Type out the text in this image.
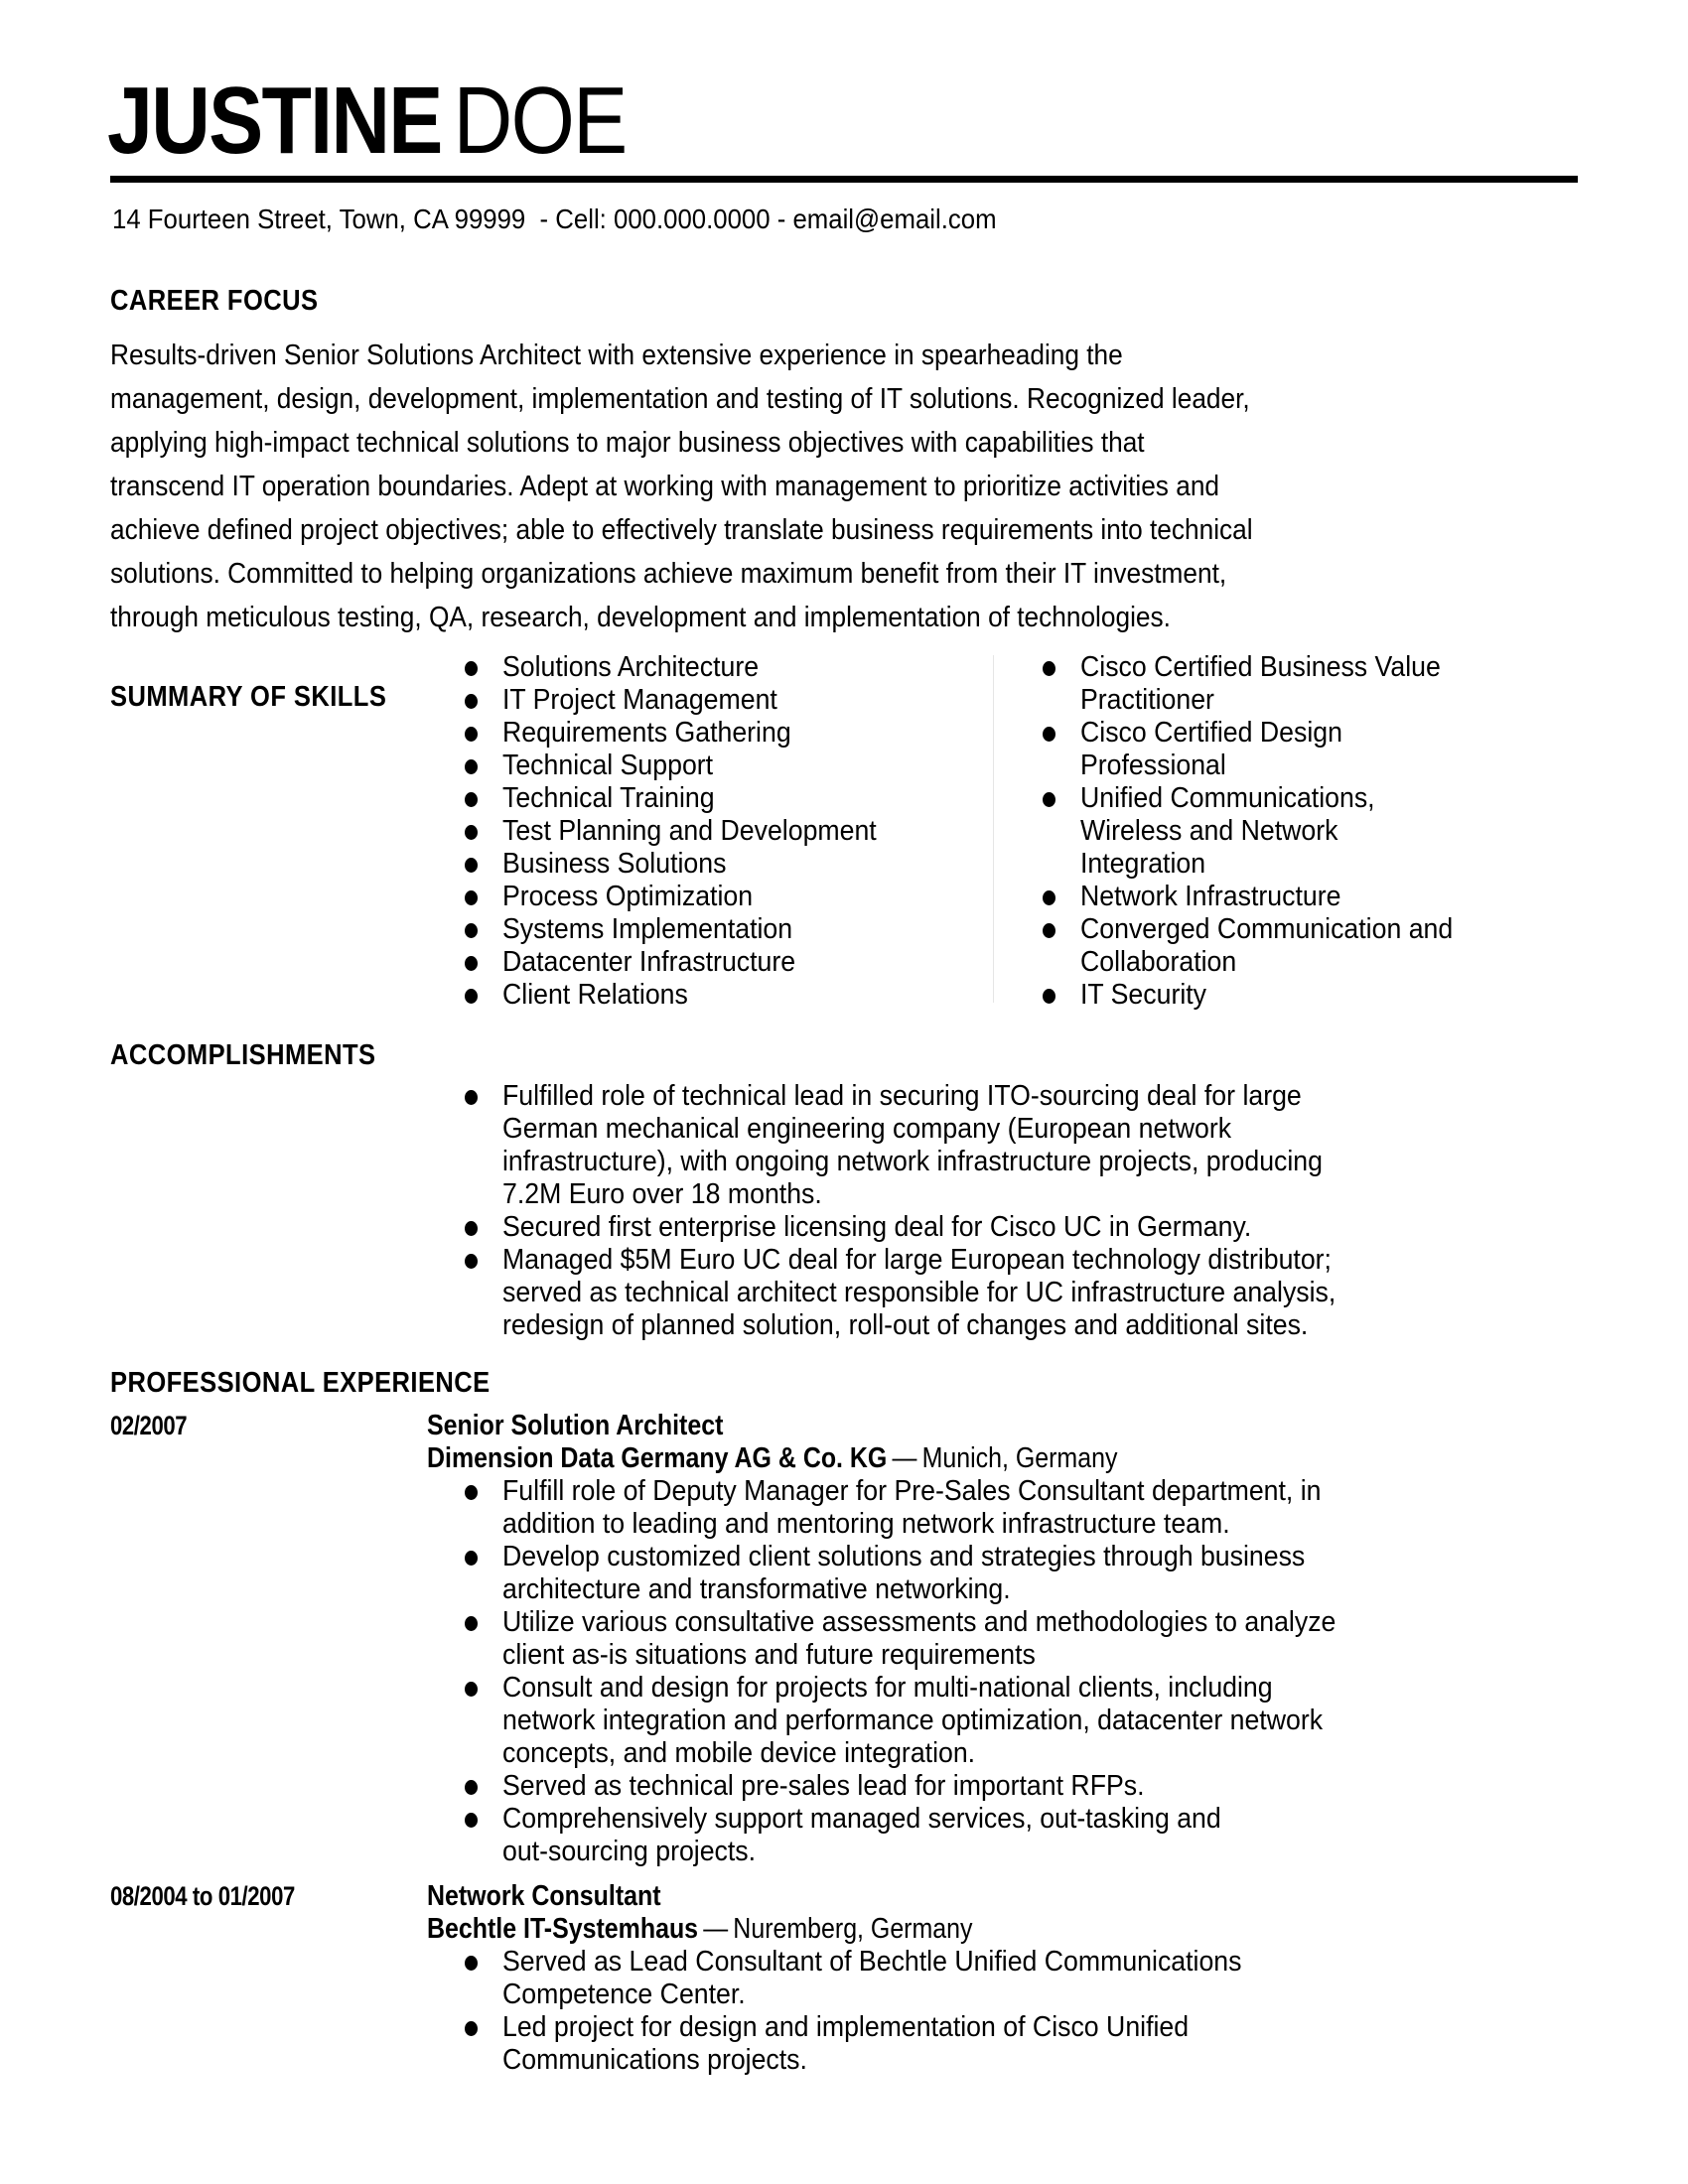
JUSTINE DOE
14 Fourteen Street, Town, CA 99999  - Cell: 000.000.0000 - email@email.com
CAREER FOCUS
Results-driven Senior Solutions Architect with extensive experience in spearheading the
management, design, development, implementation and testing of IT solutions. Recognized leader,
applying high-impact technical solutions to major business objectives with capabilities that
transcend IT operation boundaries. Adept at working with management to prioritize activities and
achieve defined project objectives; able to effectively translate business requirements into technical
solutions. Committed to helping organizations achieve maximum benefit from their IT investment,
through meticulous testing, QA, research, development and implementation of technologies.
SUMMARY OF SKILLS
Solutions Architecture
IT Project Management
Requirements Gathering
Technical Support
Technical Training
Test Planning and Development
Business Solutions
Process Optimization
Systems Implementation
Datacenter Infrastructure
Client Relations
Cisco Certified Business Value
Practitioner
Cisco Certified Design
Professional
Unified Communications,
Wireless and Network
Integration
Network Infrastructure
Converged Communication and
Collaboration
IT Security
ACCOMPLISHMENTS
Fulfilled role of technical lead in securing ITO-sourcing deal for large
German mechanical engineering company (European network
infrastructure), with ongoing network infrastructure projects, producing
7.2M Euro over 18 months.
Secured first enterprise licensing deal for Cisco UC in Germany.
Managed $5M Euro UC deal for large European technology distributor;
served as technical architect responsible for UC infrastructure analysis,
redesign of planned solution, roll-out of changes and additional sites.
PROFESSIONAL EXPERIENCE
02/2007	Senior Solution Architect
Dimension Data Germany AG & Co. KG — Munich, Germany
Fulfill role of Deputy Manager for Pre-Sales Consultant department, in
addition to leading and mentoring network infrastructure team.
Develop customized client solutions and strategies through business
architecture and transformative networking.
Utilize various consultative assessments and methodologies to analyze
client as-is situations and future requirements
Consult and design for projects for multi-national clients, including
network integration and performance optimization, datacenter network
concepts, and mobile device integration.
Served as technical pre-sales lead for important RFPs.
Comprehensively support managed services, out-tasking and
out-sourcing projects.
08/2004 to 01/2007	Network Consultant
Bechtle IT-Systemhaus — Nuremberg, Germany
Served as Lead Consultant of Bechtle Unified Communications
Competence Center.
Led project for design and implementation of Cisco Unified
Communications projects.
